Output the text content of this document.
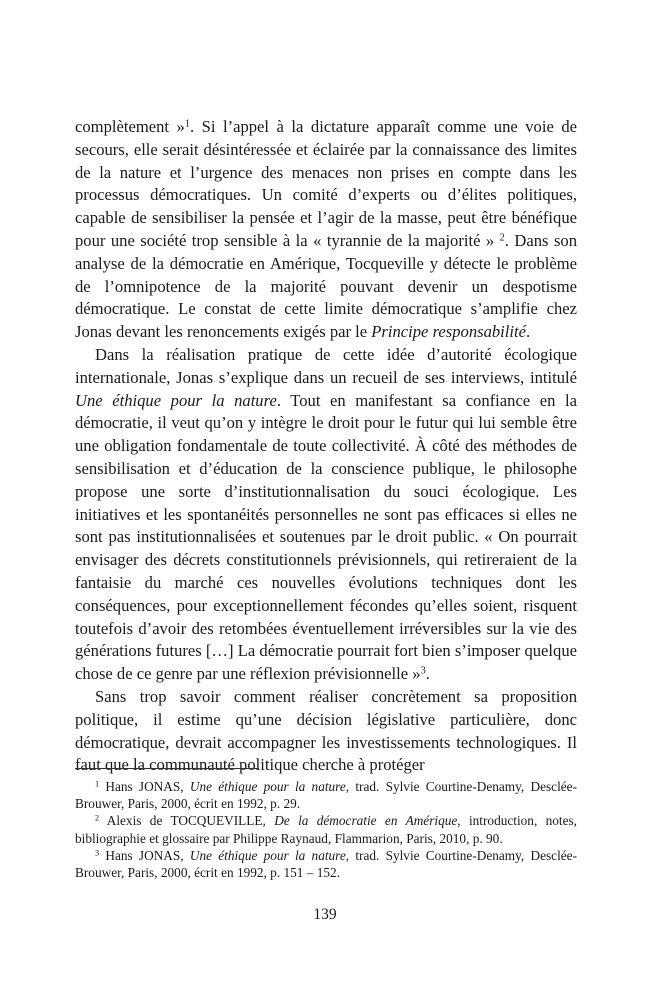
complètement »$^1$. Si l’appel à la dictature apparaît comme une voie de secours, elle serait désintéressée et éclairée par la connaissance des limites de la nature et l’urgence des menaces non prises en compte dans les processus démocratiques. Un comité d’experts ou d’élites politiques, capable de sensibiliser la pensée et l’agir de la masse, peut être bénéfique pour une société trop sensible à la « tyrannie de la majorité » $^2$. Dans son analyse de la démocratie en Amérique, Tocqueville y détecte le problème de l’omnipotence de la majorité pouvant devenir un despotisme démocratique. Le constat de cette limite démocratique s’amplifie chez Jonas devant les renoncements exigés par le Principe responsabilité.

Dans la réalisation pratique de cette idée d’autorité écologique internationale, Jonas s’explique dans un recueil de ses interviews, intitulé Une éthique pour la nature. Tout en manifestant sa confiance en la démocratie, il veut qu’on y intègre le droit pour le futur qui lui semble être une obligation fondamentale de toute collectivité. À côté des méthodes de sensibilisation et d’éducation de la conscience publique, le philosophe propose une sorte d’institutionnalisation du souci écologique. Les initiatives et les spontanéités personnelles ne sont pas efficaces si elles ne sont pas institutionnalisées et soutenues par le droit public. « On pourrait envisager des décrets constitutionnels prévisionnels, qui retireraient de la fantaisie du marché ces nouvelles évolutions techniques dont les conséquences, pour exceptionnellement fécondes qu’elles soient, risquent toutefois d’avoir des retombées éventuellement irréversibles sur la vie des générations futures […] La démocratie pourrait fort bien s’imposer quelque chose de ce genre par une réflexion prévisionnelle »$^3$.

Sans trop savoir comment réaliser concrètement sa proposition politique, il estime qu’une décision législative particulière, donc démocratique, devrait accompagner les investissements technologiques. Il faut que la communauté politique cherche à protéger

$^1$ Hans JONAS, Une éthique pour la nature, trad. Sylvie Courtine-Denamy, Desclée-Brouwer, Paris, 2000, écrit en 1992, p. 29.

$^2$ Alexis de TOCQUEVILLE, De la démocratie en Amérique, introduction, notes, bibliographie et glossaire par Philippe Raynaud, Flammarion, Paris, 2010, p. 90.

$^3$ Hans JONAS, Une éthique pour la nature, trad. Sylvie Courtine-Denamy, Desclée-Brouwer, Paris, 2000, écrit en 1992, p. 151 – 152.

139
